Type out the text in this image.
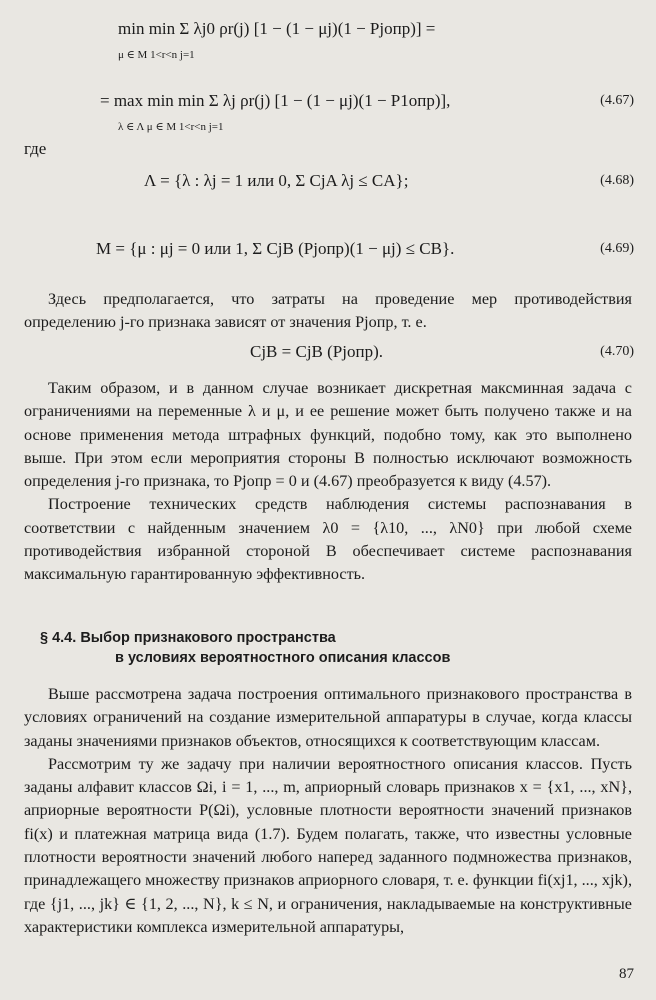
min min Σ λj0 ρr(j) [1 − (1 − μj)(1 − Pjопр)] =
μ ∈ M 1<r<n j=1
= max min min Σ λj ρr(j) [1 − (1 − μj)(1 − P1опр)],
λ ∈ Λ μ ∈ M 1<r<n j=1
(4.67)
где
Λ = {λ : λj = 1 или 0, Σ CjA λj ≤ CA};	(4.68)
M = {μ : μj = 0 или 1, Σ CjB (Pjопр)(1 − μj) ≤ CB}.	(4.69)

Здесь предполагается, что затраты на проведение мер противодействия определению j-го признака зависят от значения Pjопр, т. е.

CjB = CjB (Pjопр).	(4.70)

Таким образом, и в данном случае возникает дискретная максминная задача с ограничениями на переменные λ и μ, и ее решение может быть получено также и на основе применения метода штрафных функций, подобно тому, как это выполнено выше. При этом если мероприятия стороны B полностью исключают возможность определения j-го признака, то Pjопр = 0 и (4.67) преобразуется к виду (4.57).

Построение технических средств наблюдения системы распознавания в соответствии с найденным значением λ0 = {λ10, ..., λN0} при любой схеме противодействия избранной стороной B обеспечивает системе распознавания максимальную гарантированную эффективность.

§ 4.4. Выбор признакового пространства
в условиях вероятностного описания классов

Выше рассмотрена задача построения оптимального признакового пространства в условиях ограничений на создание измерительной аппаратуры в случае, когда классы заданы значениями признаков объектов, относящихся к соответствующим классам.

Рассмотрим ту же задачу при наличии вероятностного описания классов. Пусть заданы алфавит классов Ωi, i = 1, ..., m, априорный словарь признаков x = {x1, ..., xN}, априорные вероятности P(Ωi), условные плотности вероятности значений признаков fi(x) и платежная матрица вида (1.7). Будем полагать, также, что известны условные плотности вероятности значений любого наперед заданного подмножества признаков, принадлежащего множеству признаков априорного словаря, т. е. функции fi(xj1, ..., xjk), где {j1, ..., jk} ∈ {1, 2, ..., N}, k ≤ N, и ограничения, накладываемые на конструктивные характеристики комплекса измерительной аппаратуры,

87
